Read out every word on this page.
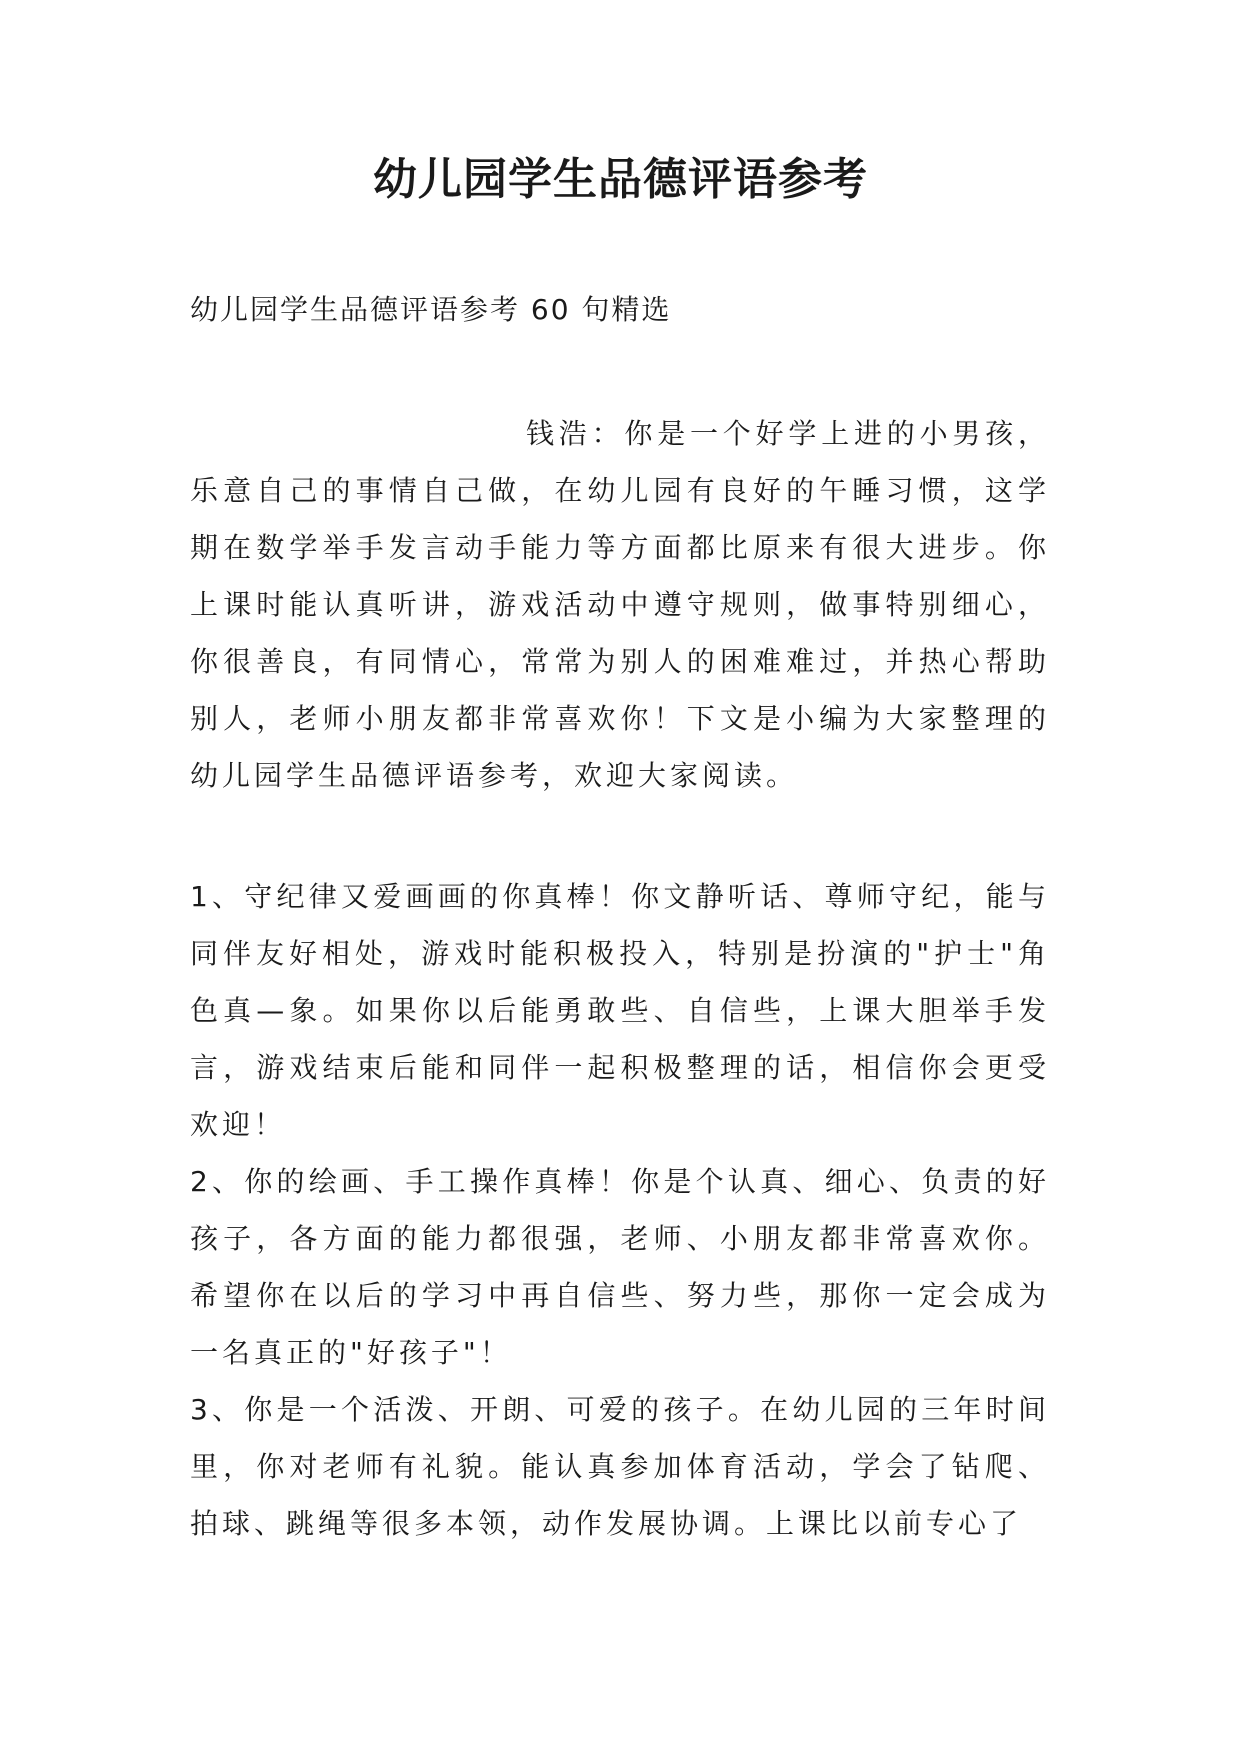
幼儿园学生品德评语参考

幼儿园学生品德评语参考 60 句精选

钱浩：你是一个好学上进的小男孩，乐意自己的事情自己做，在幼儿园有良好的午睡习惯，这学期在数学举手发言动手能力等方面都比原来有很大进步。你上课时能认真听讲，游戏活动中遵守规则，做事特别细心，你很善良，有同情心，常常为别人的困难难过，并热心帮助别人，老师小朋友都非常喜欢你！下文是小编为大家整理的幼儿园学生品德评语参考，欢迎大家阅读。

1、守纪律又爱画画的你真棒！你文静听话、尊师守纪，能与同伴友好相处，游戏时能积极投入，特别是扮演的"护士"角色真—象。如果你以后能勇敢些、自信些，上课大胆举手发言，游戏结束后能和同伴一起积极整理的话，相信你会更受欢迎！

2、你的绘画、手工操作真棒！你是个认真、细心、负责的好孩子，各方面的能力都很强，老师、小朋友都非常喜欢你。希望你在以后的学习中再自信些、努力些，那你一定会成为一名真正的"好孩子"！

3、你是一个活泼、开朗、可爱的孩子。在幼儿园的三年时间里，你对老师有礼貌。能认真参加体育活动，学会了钻爬、拍球、跳绳等很多本领，动作发展协调。上课比以前专心了
